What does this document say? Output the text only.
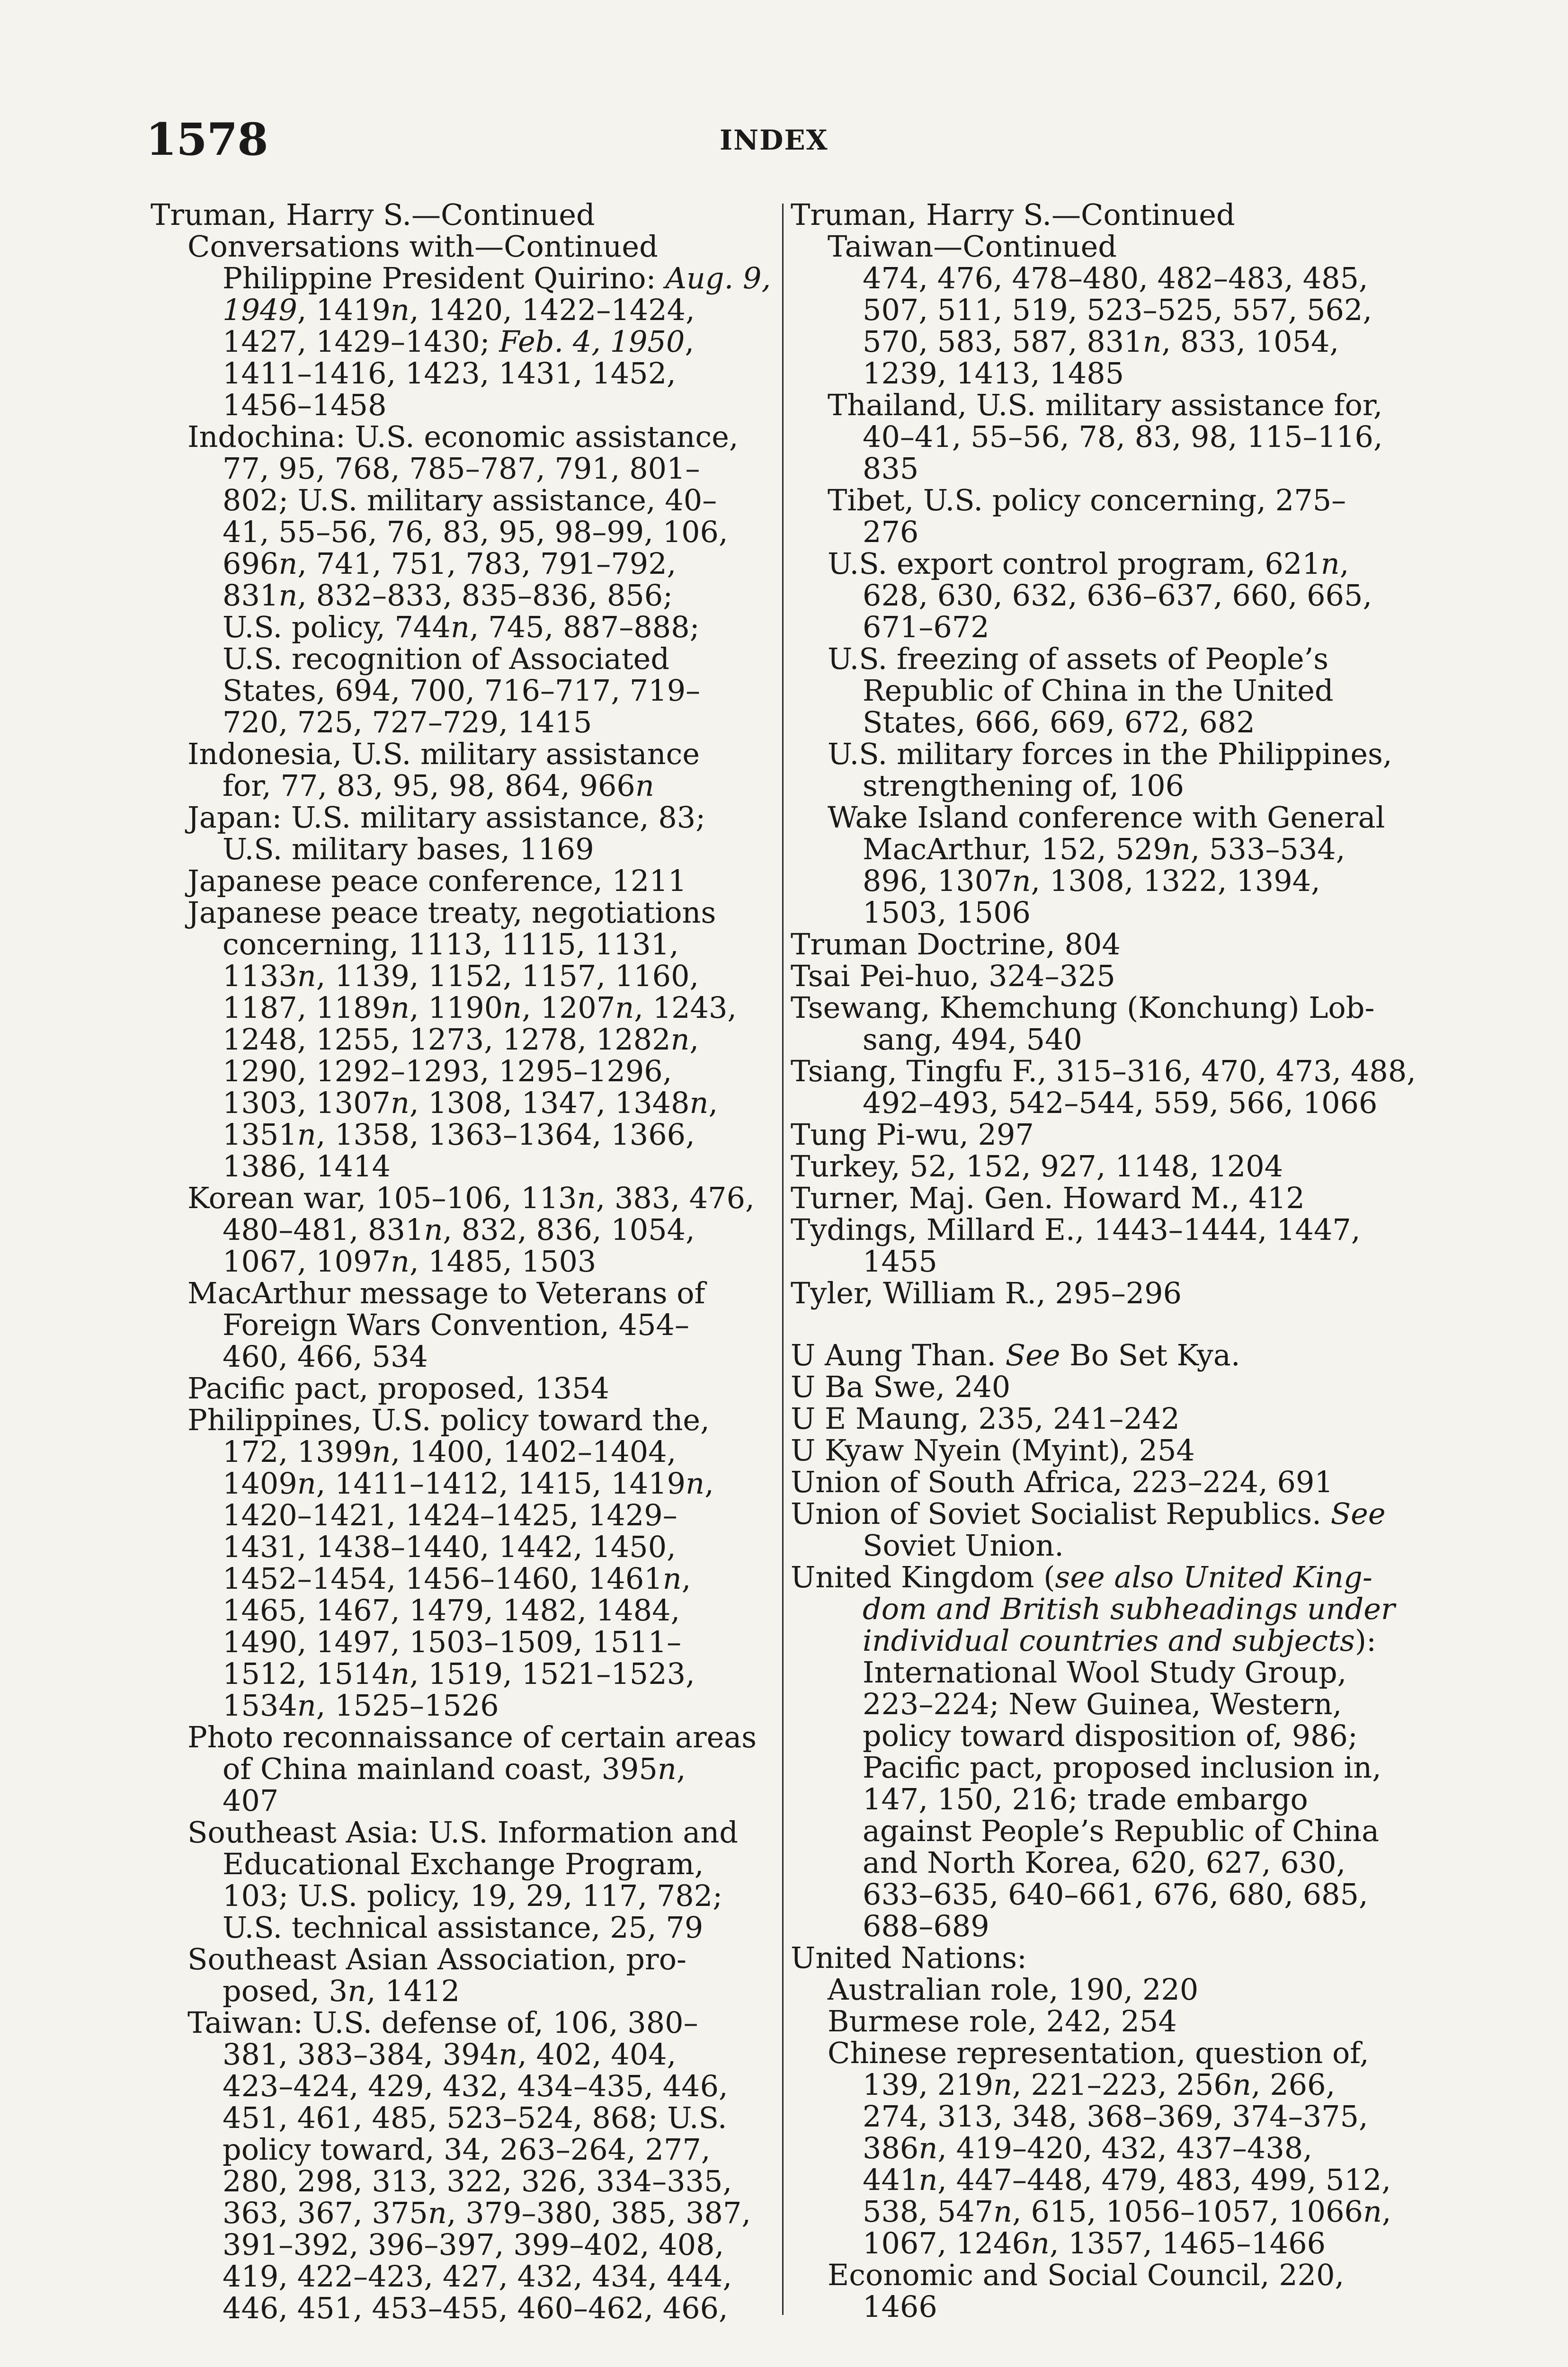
1578	INDEX
Truman, Harry S.—Continued
Conversations with—Continued
Philippine President Quirino: Aug. 9,
1949, 1419n, 1420, 1422–1424,
1427, 1429–1430; Feb. 4, 1950,
1411–1416, 1423, 1431, 1452,
1456–1458
Indochina: U.S. economic assistance,
77, 95, 768, 785–787, 791, 801–
802; U.S. military assistance, 40–
41, 55–56, 76, 83, 95, 98–99, 106,
696n, 741, 751, 783, 791–792,
831n, 832–833, 835–836, 856;
U.S. policy, 744n, 745, 887–888;
U.S. recognition of Associated
States, 694, 700, 716–717, 719–
720, 725, 727–729, 1415
Indonesia, U.S. military assistance
for, 77, 83, 95, 98, 864, 966n
Japan: U.S. military assistance, 83;
U.S. military bases, 1169
Japanese peace conference, 1211
Japanese peace treaty, negotiations
concerning, 1113, 1115, 1131,
1133n, 1139, 1152, 1157, 1160,
1187, 1189n, 1190n, 1207n, 1243,
1248, 1255, 1273, 1278, 1282n,
1290, 1292–1293, 1295–1296,
1303, 1307n, 1308, 1347, 1348n,
1351n, 1358, 1363–1364, 1366,
1386, 1414
Korean war, 105–106, 113n, 383, 476,
480–481, 831n, 832, 836, 1054,
1067, 1097n, 1485, 1503
MacArthur message to Veterans of
Foreign Wars Convention, 454–
460, 466, 534
Pacific pact, proposed, 1354
Philippines, U.S. policy toward the,
172, 1399n, 1400, 1402–1404,
1409n, 1411–1412, 1415, 1419n,
1420–1421, 1424–1425, 1429–
1431, 1438–1440, 1442, 1450,
1452–1454, 1456–1460, 1461n,
1465, 1467, 1479, 1482, 1484,
1490, 1497, 1503–1509, 1511–
1512, 1514n, 1519, 1521–1523,
1534n, 1525–1526
Photo reconnaissance of certain areas
of China mainland coast, 395n,
407
Southeast Asia: U.S. Information and
Educational Exchange Program,
103; U.S. policy, 19, 29, 117, 782;
U.S. technical assistance, 25, 79
Southeast Asian Association, pro-
posed, 3n, 1412
Taiwan: U.S. defense of, 106, 380–
381, 383–384, 394n, 402, 404,
423–424, 429, 432, 434–435, 446,
451, 461, 485, 523–524, 868; U.S.
policy toward, 34, 263–264, 277,
280, 298, 313, 322, 326, 334–335,
363, 367, 375n, 379–380, 385, 387,
391–392, 396–397, 399–402, 408,
419, 422–423, 427, 432, 434, 444,
446, 451, 453–455, 460–462, 466,
Truman, Harry S.—Continued
Taiwan—Continued
474, 476, 478–480, 482–483, 485,
507, 511, 519, 523–525, 557, 562,
570, 583, 587, 831n, 833, 1054,
1239, 1413, 1485
Thailand, U.S. military assistance for,
40–41, 55–56, 78, 83, 98, 115–116,
835
Tibet, U.S. policy concerning, 275–
276
U.S. export control program, 621n,
628, 630, 632, 636–637, 660, 665,
671–672
U.S. freezing of assets of People’s
Republic of China in the United
States, 666, 669, 672, 682
U.S. military forces in the Philippines,
strengthening of, 106
Wake Island conference with General
MacArthur, 152, 529n, 533–534,
896, 1307n, 1308, 1322, 1394,
1503, 1506
Truman Doctrine, 804
Tsai Pei-huo, 324–325
Tsewang, Khemchung (Konchung) Lob-
sang, 494, 540
Tsiang, Tingfu F., 315–316, 470, 473, 488,
492–493, 542–544, 559, 566, 1066
Tung Pi-wu, 297
Turkey, 52, 152, 927, 1148, 1204
Turner, Maj. Gen. Howard M., 412
Tydings, Millard E., 1443–1444, 1447,
1455
Tyler, William R., 295–296
U Aung Than. See Bo Set Kya.
U Ba Swe, 240
U E Maung, 235, 241–242
U Kyaw Nyein (Myint), 254
Union of South Africa, 223–224, 691
Union of Soviet Socialist Republics. See
Soviet Union.
United Kingdom (see also United King-
dom and British subheadings under
individual countries and subjects):
International Wool Study Group,
223–224; New Guinea, Western,
policy toward disposition of, 986;
Pacific pact, proposed inclusion in,
147, 150, 216; trade embargo
against People’s Republic of China
and North Korea, 620, 627, 630,
633–635, 640–661, 676, 680, 685,
688–689
United Nations:
Australian role, 190, 220
Burmese role, 242, 254
Chinese representation, question of,
139, 219n, 221–223, 256n, 266,
274, 313, 348, 368–369, 374–375,
386n, 419–420, 432, 437–438,
441n, 447–448, 479, 483, 499, 512,
538, 547n, 615, 1056–1057, 1066n,
1067, 1246n, 1357, 1465–1466
Economic and Social Council, 220,
1466
